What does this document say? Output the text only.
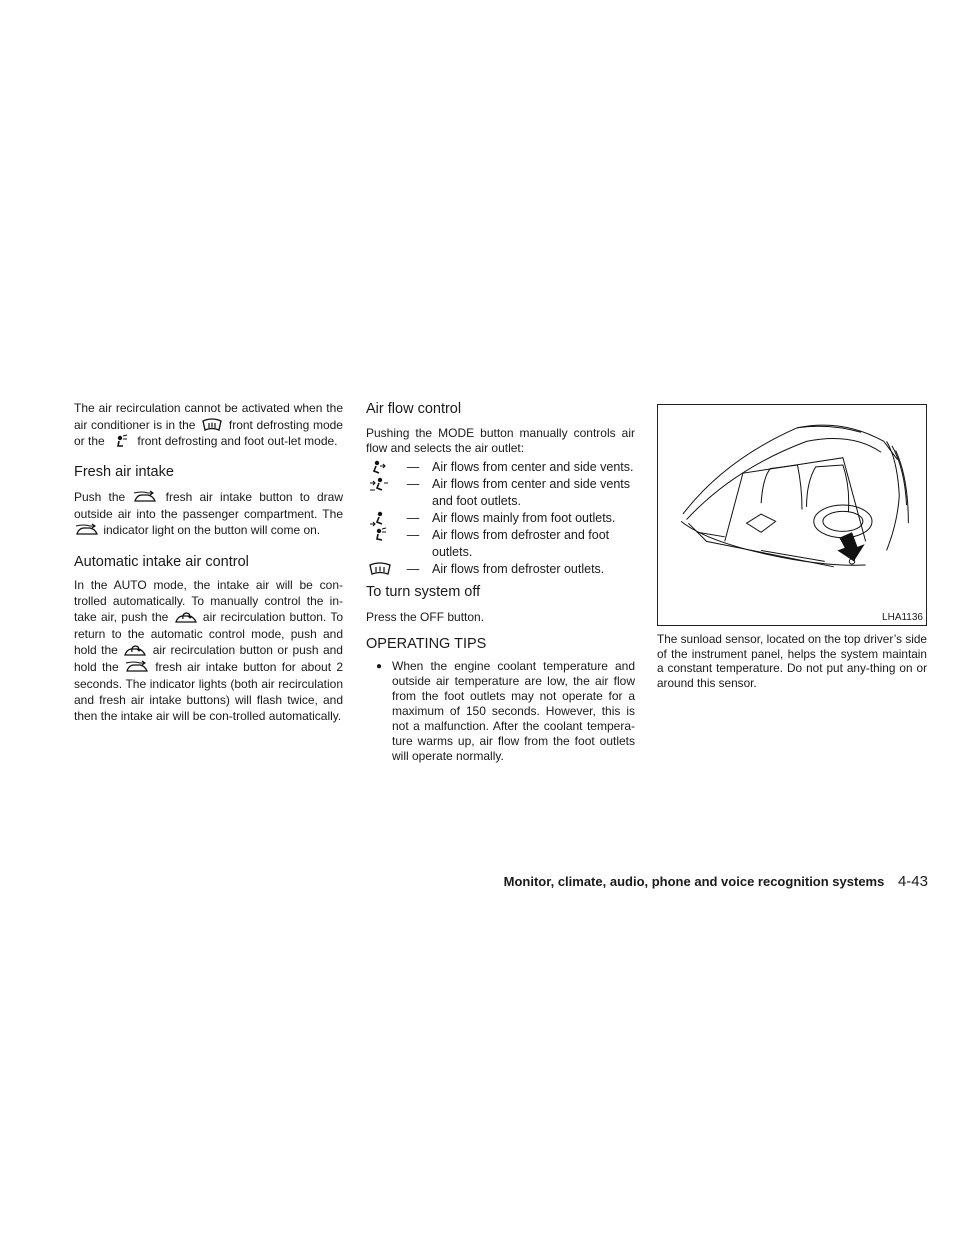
The air recirculation cannot be activated when the air conditioner is in the	front defrosting mode or the	front defrosting and foot out-let mode.

Fresh air intake

Push the	fresh air intake button to draw outside air into the passenger compartment. The  indicator light on the button will come on.

Automatic intake air control

In the AUTO mode, the intake air will be con-trolled automatically. To manually control the in-take air, push the	air recirculation button. To return to the automatic control mode, push and hold the	air recirculation button or push and hold the	fresh air intake button for about 2 seconds. The indicator lights (both air recirculation and fresh air intake buttons) will flash twice, and then the intake air will be con-trolled automatically.

Air flow control

Pushing the MODE button manually controls air flow and selects the air outlet:

—	Air flows from center and side vents.
—	Air flows from center and side vents and foot outlets.
—	Air flows mainly from foot outlets.
—	Air flows from defroster and foot outlets.
—	Air flows from defroster outlets.
To turn system off

Press the OFF button.

OPERATING TIPS
● When the engine coolant temperature and outside air temperature are low, the air flow from the foot outlets may not operate for a maximum of 150 seconds. However, this is not a malfunction. After the coolant tempera-ture warms up, air flow from the foot outlets will operate normally.
LHA1136

The sunload sensor, located on the top driver’s side of the instrument panel, helps the system maintain a constant temperature. Do not put any-thing on or around this sensor.

Monitor, climate, audio, phone and voice recognition systems 4-43
